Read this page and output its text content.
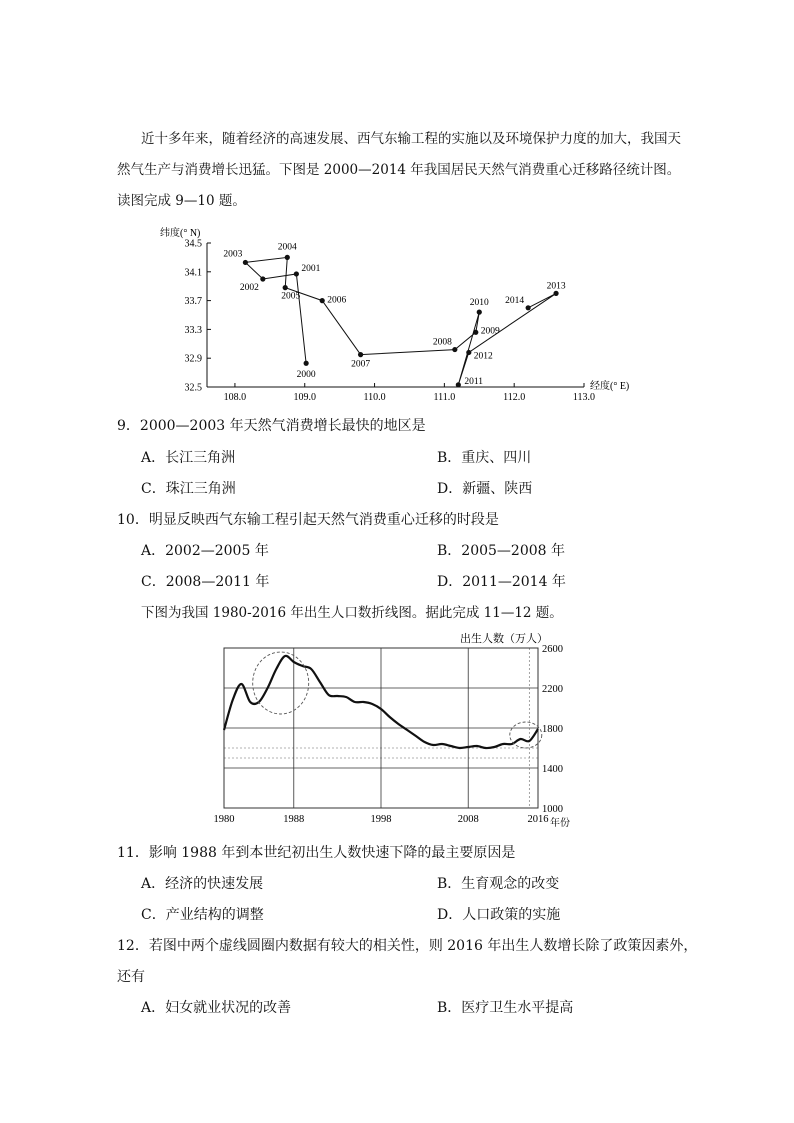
近十多年来，随着经济的高速发展、西气东输工程的实施以及环境保护力度的加大，我国天然气生产与消费增长迅猛。下图是 2000—2014 年我国居民天然气消费重心迁移路径统计图。读图完成 9—10 题。

34.5
34.1
33.7
33.3
32.9
32.5
108.0	109.0	110.0	111.0	112.0	113.0
纬度(° N)
经度(° E)
2000
2001
2002
2003
2004
2005	2006
2007
2008
2009
2010
2011
2012
2013
2014
9．2000—2003 年天然气消费增长最快的地区是
A．长江三角洲	B．重庆、四川
C．珠江三角洲	D．新疆、陕西
10．明显反映西气东输工程引起天然气消费重心迁移的时段是
A．2002—2005 年	B．2005—2008 年
C．2008—2011 年	D．2011—2014 年
下图为我国 1980-2016 年出生人口数折线图。据此完成 11—12 题。
2600
2200
1800
1400
1000
1980	1988	1998	2008	2016
出生人数（万人）
年份
11．影响 1988 年到本世纪初出生人数快速下降的最主要原因是
A．经济的快速发展	B．生育观念的改变
C．产业结构的调整	D．人口政策的实施
12．若图中两个虚线圆圈内数据有较大的相关性，则 2016 年出生人数增长除了政策因素外，
还有
A．妇女就业状况的改善	B．医疗卫生水平提高
